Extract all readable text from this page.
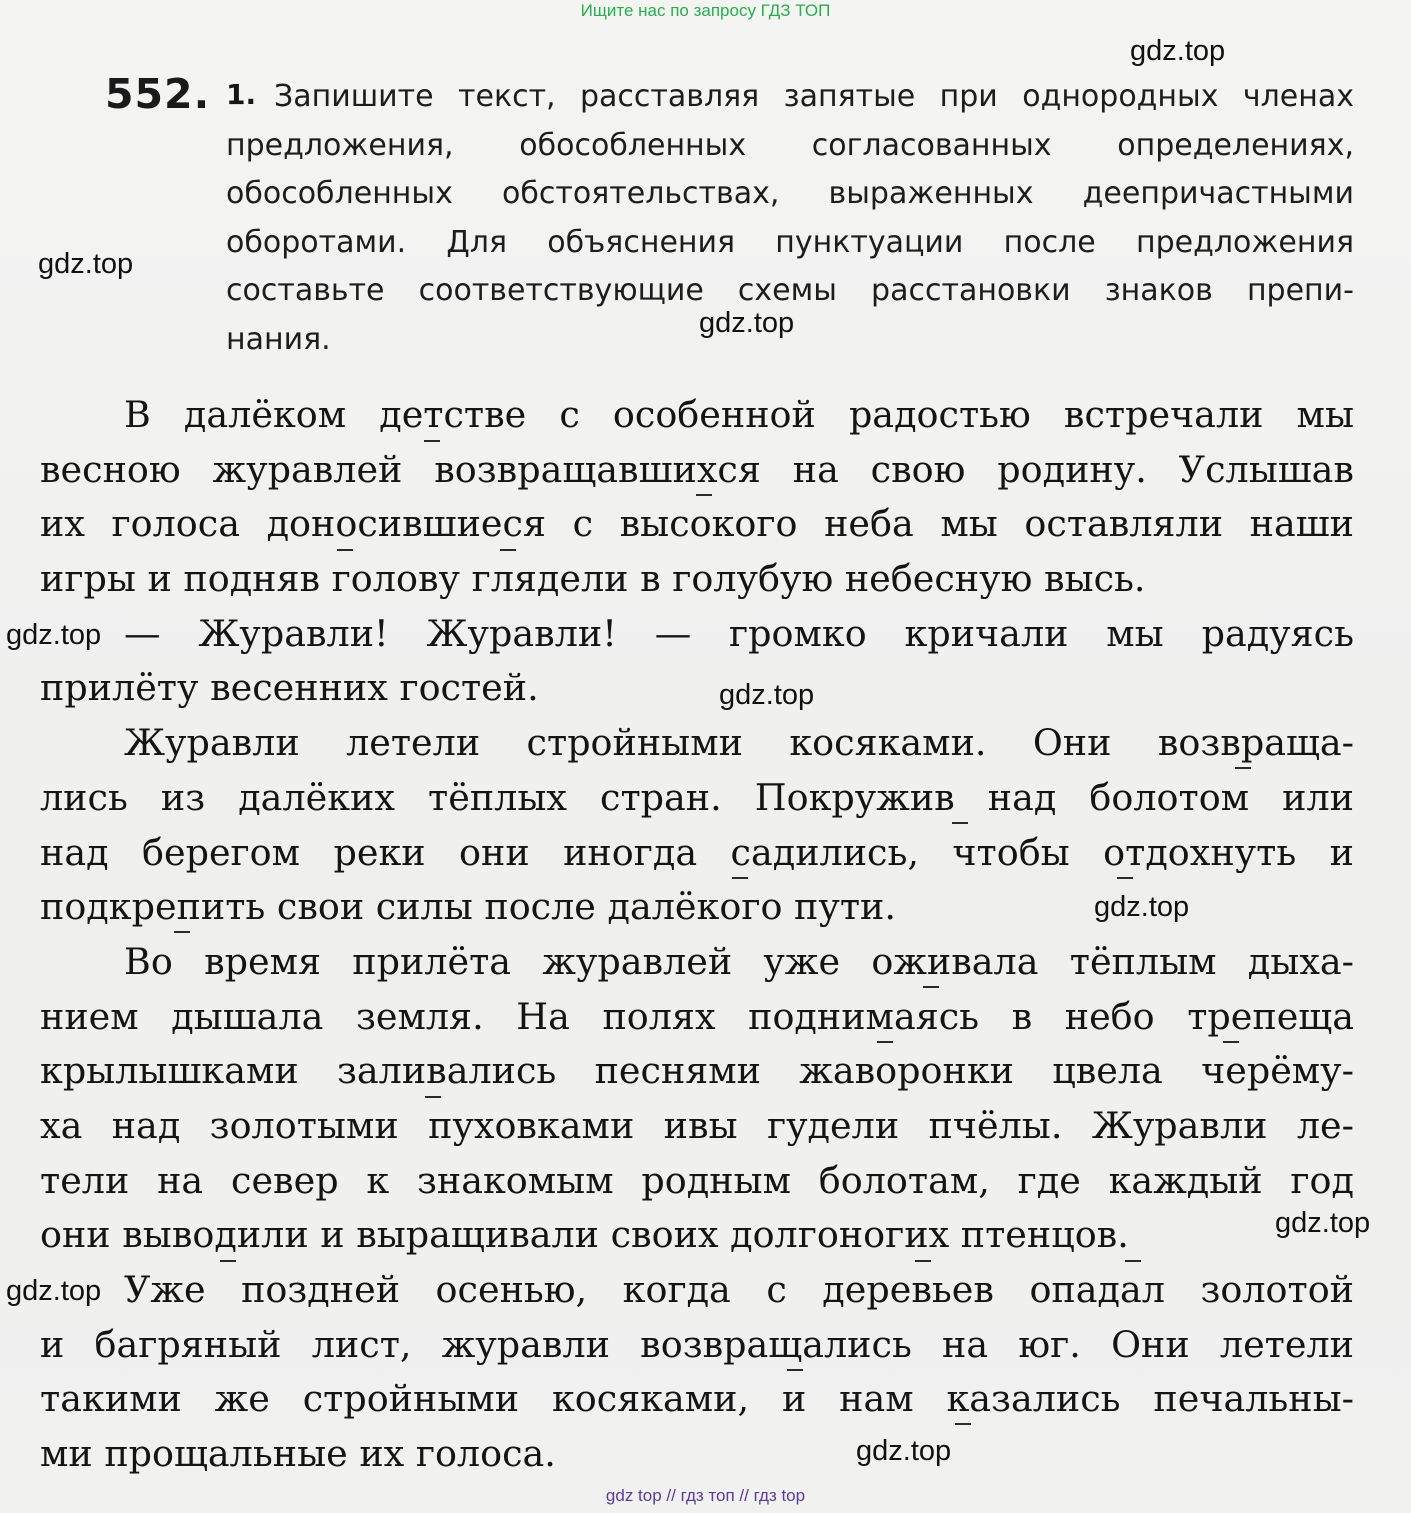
Ищите нас по запросу ГДЗ ТОП
552. 1. Запишите текст, расставляя запятые при однородных членах
предложения, обособленных согласованных определениях,
обособленных обстоятельствах, выраженных деепричастными
оборотами. Для объяснения пунктуации после предложения
составьте соответствующие схемы расстановки знаков препи-
нания.
В далёком детстве с особенной радостью встречали мы
весною журавлей возвращавшихся на свою родину. Услышав
их голоса доносившиеся с высокого неба мы оставляли наши
игры и подняв голову глядели в голубую небесную высь.
— Журавли! Журавли! — громко кричали мы радуясь
прилёту весенних гостей.
Журавли летели стройными косяками. Они возвраща-
лись из далёких тёплых стран. Покружив над болотом или
над берегом реки они иногда садились, чтобы отдохнуть и
подкрепить свои силы после далёкого пути.
Во время прилёта журавлей уже оживала тёплым дыха-
нием дышала земля. На полях поднимаясь в небо трепеща
крылышками заливались песнями жаворонки цвела черёму-
ха над золотыми пуховками ивы гудели пчёлы. Журавли ле-
тели на север к знакомым родным болотам, где каждый год
они выводили и выращивали своих долгоногих птенцов.
Уже поздней осенью, когда с деревьев опадал золотой
и багряный лист, журавли возвращались на юг. Они летели
такими же стройными косяками, и нам казались печальны-
ми прощальные их голоса.
gdz.top
gdz.top
gdz.top
gdz.top
gdz.top
gdz.top
gdz.top
gdz.top
gdz.top
gdz top // гдз топ // гдз top
